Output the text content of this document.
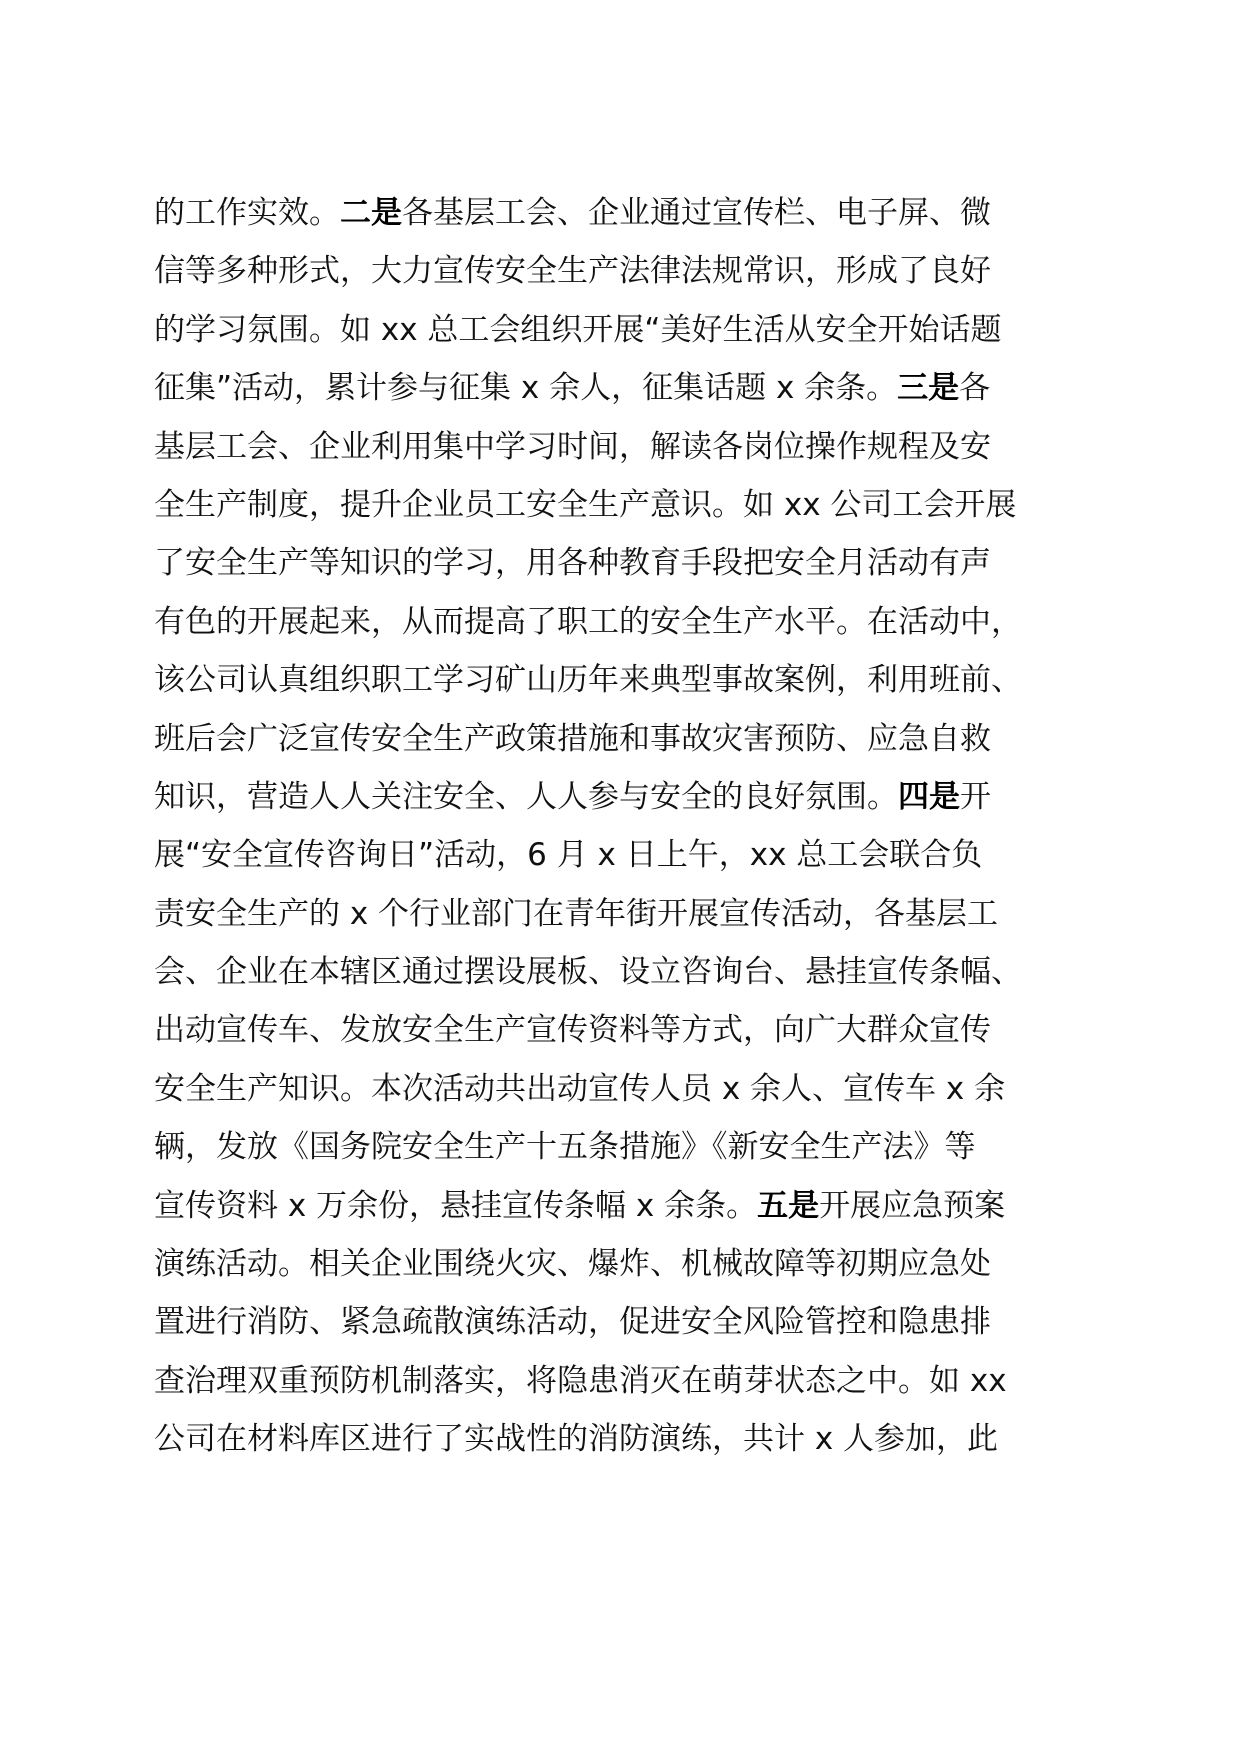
的工作实效。二是各基层工会、企业通过宣传栏、电子屏、微
信等多种形式，大力宣传安全生产法律法规常识，形成了良好
的学习氛围。如 xx 总工会组织开展“美好生活从安全开始话题
征集”活动，累计参与征集 x 余人，征集话题 x 余条。三是各
基层工会、企业利用集中学习时间，解读各岗位操作规程及安
全生产制度，提升企业员工安全生产意识。如 xx 公司工会开展
了安全生产等知识的学习，用各种教育手段把安全月活动有声
有色的开展起来，从而提高了职工的安全生产水平。在活动中，
该公司认真组织职工学习矿山历年来典型事故案例，利用班前、
班后会广泛宣传安全生产政策措施和事故灾害预防、应急自救
知识，营造人人关注安全、人人参与安全的良好氛围。四是开
展“安全宣传咨询日”活动，6 月 x 日上午，xx 总工会联合负
责安全生产的 x 个行业部门在青年街开展宣传活动，各基层工
会、企业在本辖区通过摆设展板、设立咨询台、悬挂宣传条幅、
出动宣传车、发放安全生产宣传资料等方式，向广大群众宣传
安全生产知识。本次活动共出动宣传人员 x 余人、宣传车 x 余
辆，发放《国务院安全生产十五条措施》《新安全生产法》等
宣传资料 x 万余份，悬挂宣传条幅 x 余条。五是开展应急预案
演练活动。相关企业围绕火灾、爆炸、机械故障等初期应急处
置进行消防、紧急疏散演练活动，促进安全风险管控和隐患排
查治理双重预防机制落实，将隐患消灭在萌芽状态之中。如 xx
公司在材料库区进行了实战性的消防演练，共计 x 人参加，此
